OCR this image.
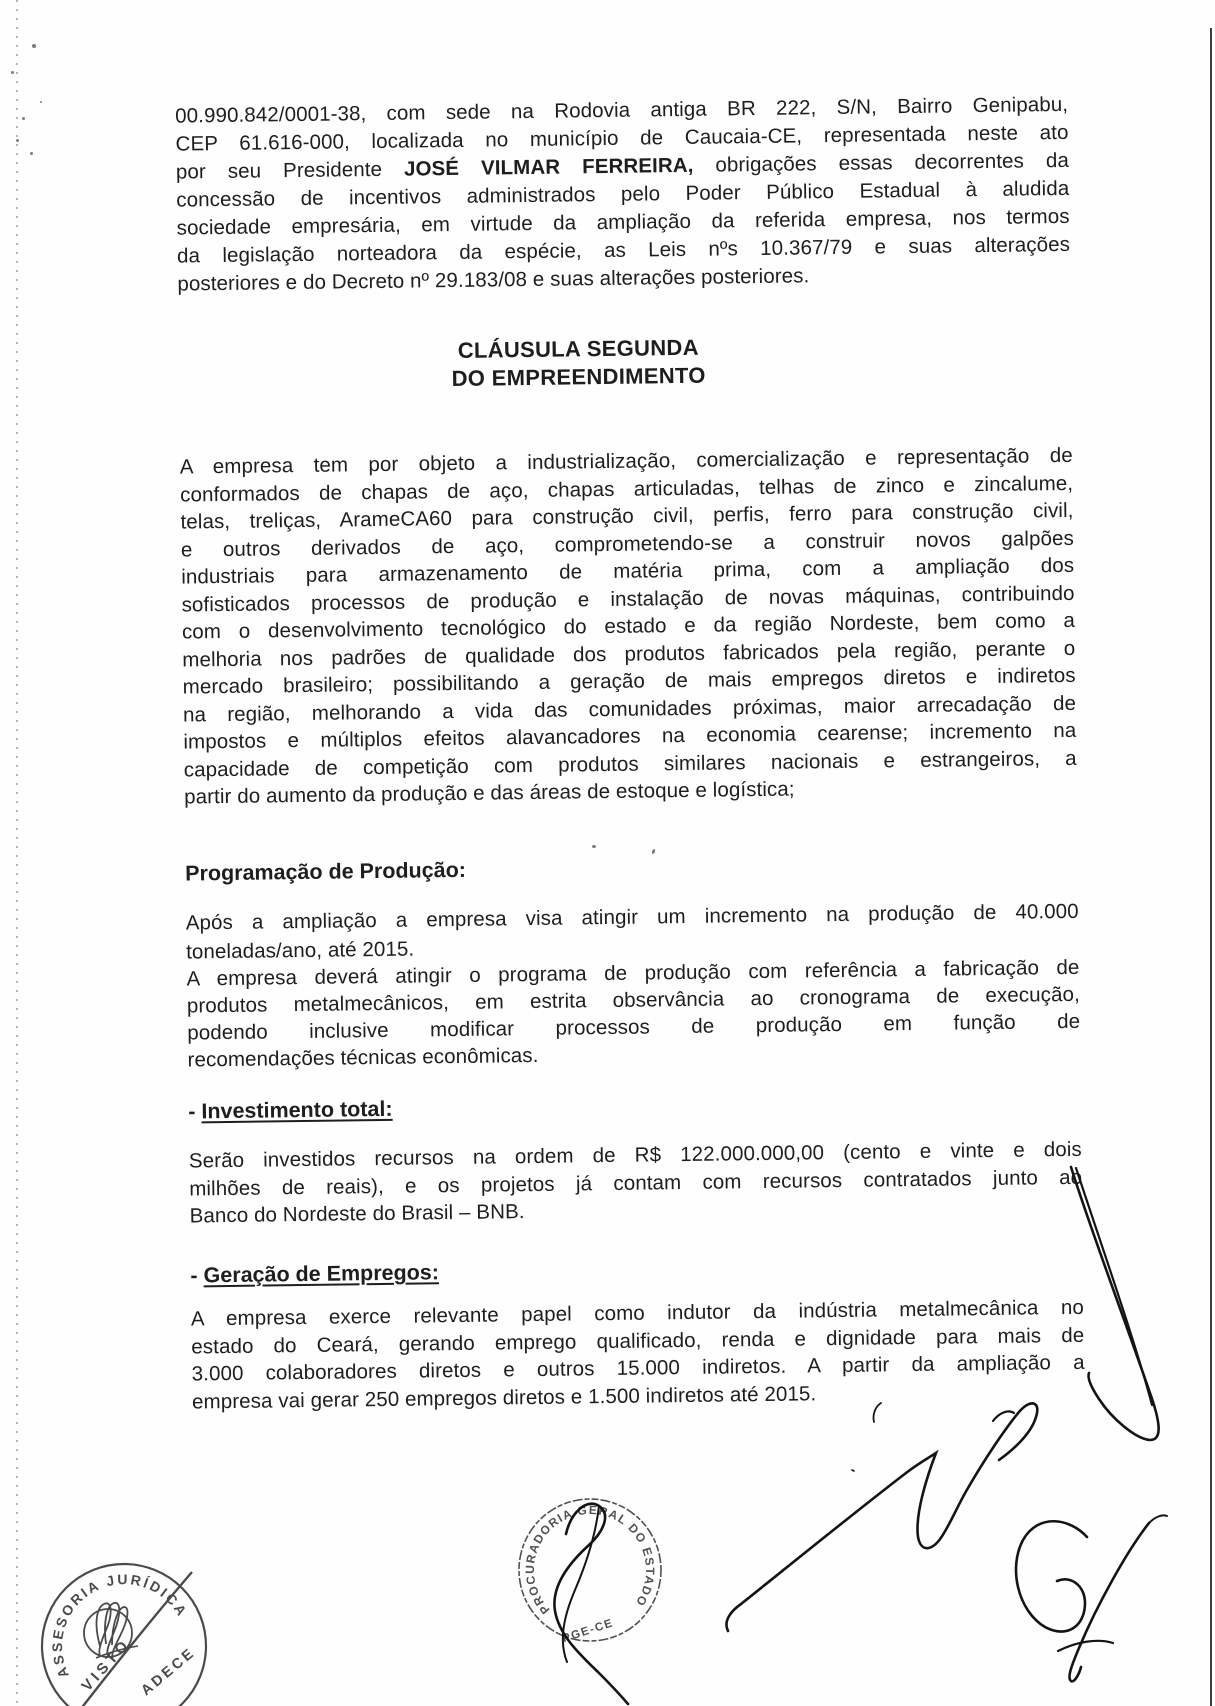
00.990.842/0001-38, com sede na Rodovia antiga BR 222, S/N, Bairro Genipabu,
CEP 61.616-000, localizada no município de Caucaia-CE, representada neste ato
por seu Presidente JOSÉ VILMAR FERREIRA, obrigações essas decorrentes da
concessão de incentivos administrados pelo Poder Público Estadual à aludida
sociedade empresária, em virtude da ampliação da referida empresa, nos termos
da legislação norteadora da espécie, as Leis nºs 10.367/79 e suas alterações
posteriores e do Decreto nº 29.183/08 e suas alterações posteriores.
CLÁUSULA SEGUNDA
DO EMPREENDIMENTO
A empresa tem por objeto a industrialização, comercialização e representação de
conformados de chapas de aço, chapas articuladas, telhas de zinco e zincalume,
telas, treliças, ArameCA60 para construção civil, perfis, ferro para construção civil,
e outros derivados de aço, comprometendo-se a construir novos galpões
industriais para armazenamento de matéria prima, com a ampliação dos
sofisticados processos de produção e instalação de novas máquinas, contribuindo
com o desenvolvimento tecnológico do estado e da região Nordeste, bem como a
melhoria nos padrões de qualidade dos produtos fabricados pela região, perante o
mercado brasileiro; possibilitando a geração de mais empregos diretos e indiretos
na região, melhorando a vida das comunidades próximas, maior arrecadação de
impostos e múltiplos efeitos alavancadores na economia cearense; incremento na
capacidade de competição com produtos similares nacionais e estrangeiros, a
partir do aumento da produção e das áreas de estoque e logística;
Programação de Produção:
Após a ampliação a empresa visa atingir um incremento na produção de 40.000
toneladas/ano, até 2015.
A empresa deverá atingir o programa de produção com referência a fabricação de
produtos metalmecânicos, em estrita observância ao cronograma de execução,
podendo inclusive modificar processos de produção em função de
recomendações técnicas econômicas.
- Investimento total:
Serão investidos recursos na ordem de R$ 122.000.000,00 (cento e vinte e dois
milhões de reais), e os projetos já contam com recursos contratados junto ao
Banco do Nordeste do Brasil – BNB.
- Geração de Empregos:
A empresa exerce relevante papel como indutor da indústria metalmecânica no
estado do Ceará, gerando emprego qualificado, renda e dignidade para mais de
3.000 colaboradores diretos e outros 15.000 indiretos. A partir da ampliação a
empresa vai gerar 250 empregos diretos e 1.500 indiretos até 2015.
ASSESORIA JURÍDICA
VISTO ADECE
PROCURADORIA GERAL DO ESTADO
PGE-CE
